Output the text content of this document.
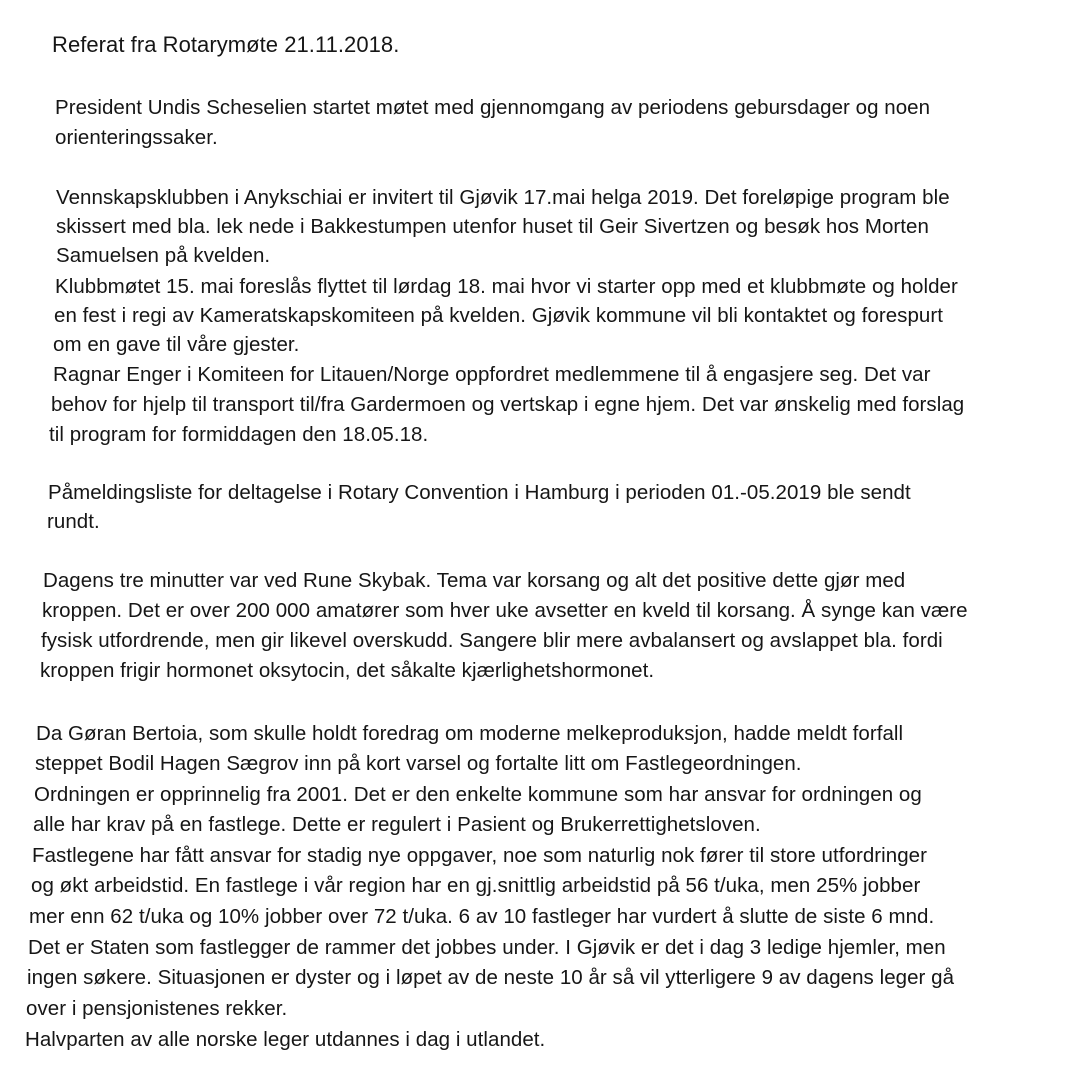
Referat fra Rotarymøte 21.11.2018.
President Undis Scheselien startet møtet med gjennomgang av periodens gebursdager og noen
orienteringssaker.
Vennskapsklubben i Anykschiai er invitert til Gjøvik 17.mai helga 2019. Det foreløpige program ble
skissert med bla. lek nede i Bakkestumpen utenfor huset til Geir Sivertzen og besøk hos Morten
Samuelsen på kvelden.
Klubbmøtet 15. mai foreslås flyttet til lørdag 18. mai hvor vi starter opp med et klubbmøte og holder
en fest i regi av Kameratskapskomiteen på kvelden. Gjøvik kommune vil bli kontaktet og forespurt
om en gave til våre gjester.
Ragnar Enger i Komiteen for Litauen/Norge oppfordret medlemmene til å engasjere seg. Det var
behov for hjelp til transport til/fra Gardermoen og vertskap i egne hjem. Det var ønskelig med forslag
til program for formiddagen den 18.05.18.
Påmeldingsliste for deltagelse i Rotary Convention i Hamburg i perioden 01.-05.2019 ble sendt
rundt.
Dagens tre minutter var ved Rune Skybak. Tema var korsang og alt det positive dette gjør med
kroppen. Det er over 200 000 amatører som hver uke avsetter en kveld til korsang. Å synge kan være
fysisk utfordrende, men gir likevel overskudd. Sangere blir mere avbalansert og avslappet bla. fordi
kroppen frigir hormonet oksytocin, det såkalte kjærlighetshormonet.
Da Gøran Bertoia, som skulle holdt foredrag om moderne melkeproduksjon, hadde meldt forfall
steppet Bodil Hagen Sægrov inn på kort varsel og fortalte litt om Fastlegeordningen.
Ordningen er opprinnelig fra 2001. Det er den enkelte kommune som har ansvar for ordningen og
alle har krav på en fastlege. Dette er regulert i Pasient og Brukerrettighetsloven.
Fastlegene har fått ansvar for stadig nye oppgaver, noe som naturlig nok fører til store utfordringer
og økt arbeidstid. En fastlege i vår region har en gj.snittlig arbeidstid på 56 t/uka, men 25% jobber
mer enn 62 t/uka og 10% jobber over 72 t/uka. 6 av 10 fastleger har vurdert å slutte de siste 6 mnd.
Det er Staten som fastlegger de rammer det jobbes under. I Gjøvik er det i dag 3 ledige hjemler, men
ingen søkere. Situasjonen er dyster og i løpet av de neste 10 år så vil ytterligere 9 av dagens leger gå
over i pensjonistenes rekker.
Halvparten av alle norske leger utdannes i dag i utlandet.
